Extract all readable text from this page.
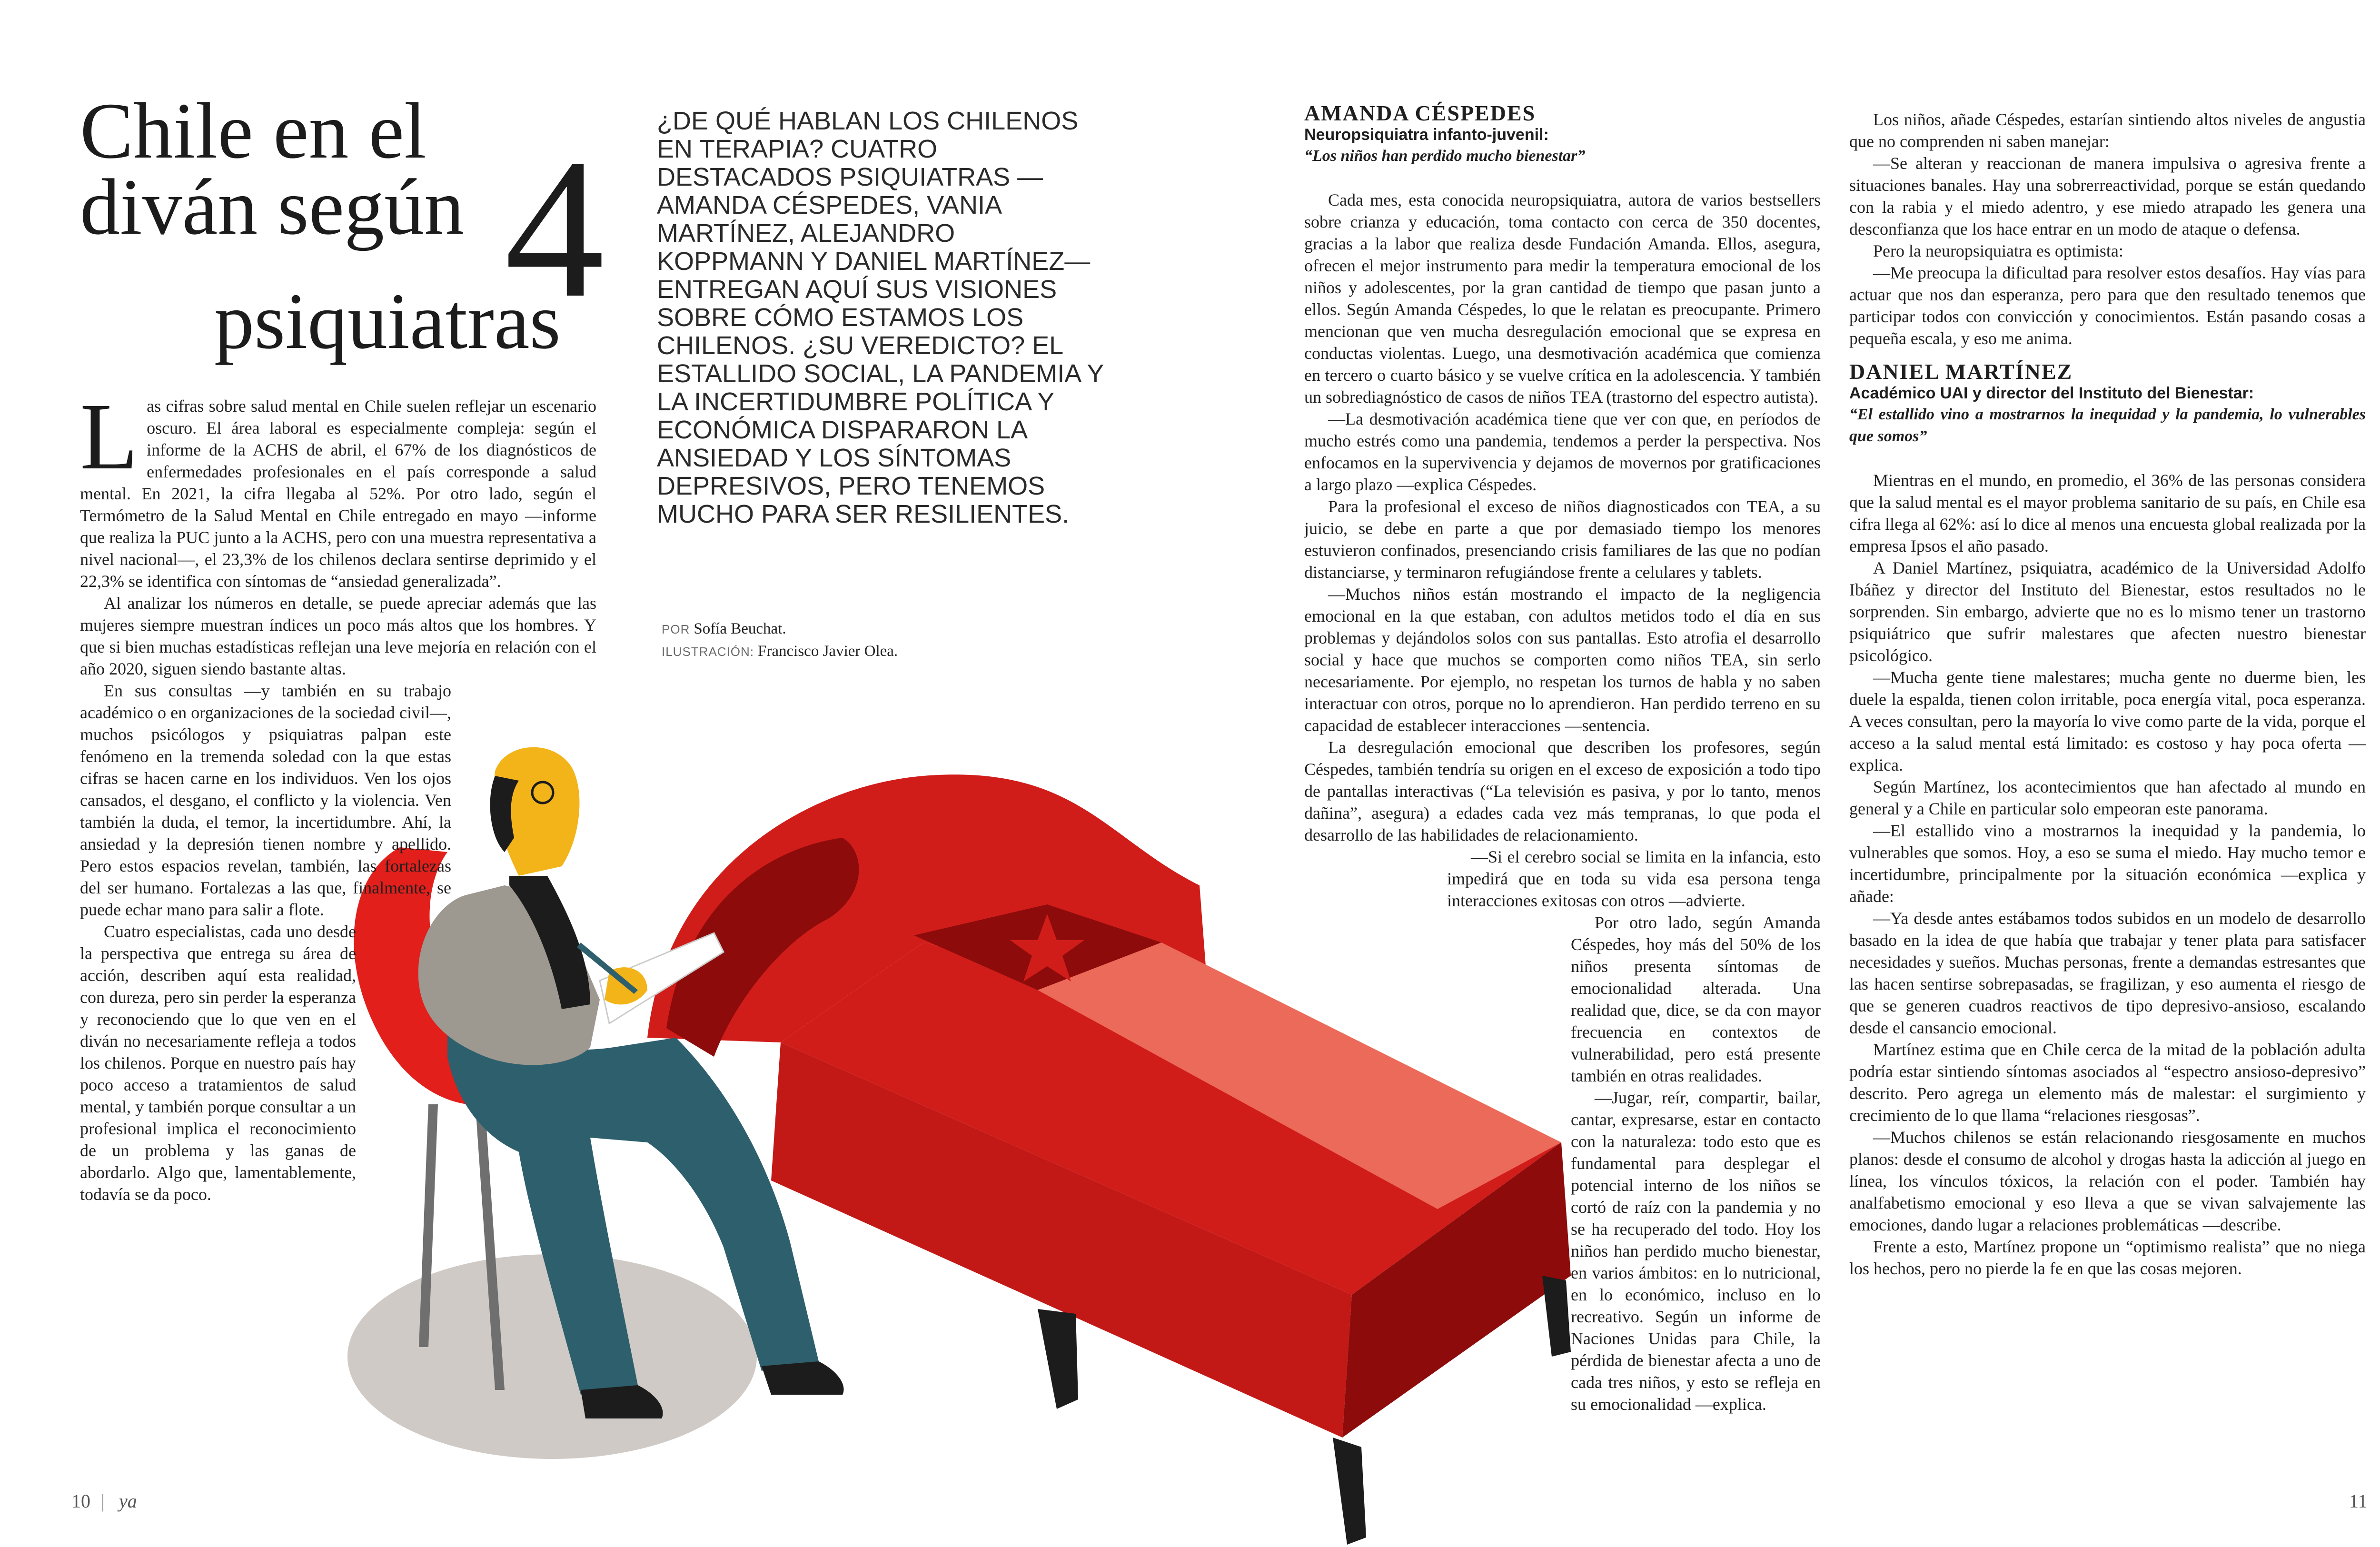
Chile en el
diván según
psiquiatras
4 ¿DE QUÉ HABLAN LOS CHILENOS EN TERAPIA? CUATRO DESTACADOS PSIQUIATRAS —AMANDA CÉSPEDES, VANIA MARTÍNEZ, ALEJANDRO KOPPMANN Y DANIEL MARTÍNEZ— ENTREGAN AQUÍ SUS VISIONES SOBRE CÓMO ESTAMOS LOS CHILENOS. ¿SU VEREDICTO? EL ESTALLIDO SOCIAL, LA PANDEMIA Y LA INCERTIDUMBRE POLÍTICA Y ECONÓMICA DISPARARON LA ANSIEDAD Y LOS SÍNTOMAS DEPRESIVOS, PERO TENEMOS MUCHO PARA SER RESILIENTES.
POR Sofía Beuchat.
ILUSTRACIÓN: Francisco Javier Olea.
L as cifras sobre salud mental en Chile suelen reflejar un escenario oscuro. El área laboral es especialmente compleja: según el informe de la ACHS de abril, el 67% de los diagnósticos de enfermedades profesionales en el país corresponde a salud mental. En 2021, la cifra llegaba al 52%. Por otro lado, según el Termómetro de la Salud Mental en Chile entregado en mayo —informe que realiza la PUC junto a la ACHS, pero con una muestra representativa a nivel nacional—, el 23,3% de los chilenos declara sentirse deprimido y el 22,3% se identifica con síntomas de “ansiedad generalizada”.

Al analizar los números en detalle, se puede apreciar además que las mujeres siempre muestran índices un poco más altos que los hombres. Y que si bien muchas estadísticas reflejan una leve mejoría en relación con el año 2020, siguen siendo bastante altas.

En sus consultas —y también en su trabajo académico o en organizaciones de la sociedad civil—, muchos psicólogos y psiquiatras palpan este fenómeno en la tremenda soledad con la que estas cifras se hacen carne en los individuos. Ven los ojos cansados, el desgano, el conflicto y la violencia. Ven también la duda, el temor, la incertidumbre. Ahí, la ansiedad y la depresión tienen nombre y apellido. Pero estos espacios revelan, también, las fortalezas del ser humano. Fortalezas a las que, finalmente, se puede echar mano para salir a flote.

Cuatro especialistas, cada uno desde la perspectiva que entrega su área de acción, describen aquí esta realidad, con dureza, pero sin perder la esperanza y reconociendo que lo que ven en el diván no necesariamente refleja a todos los chilenos. Porque en nuestro país hay poco acceso a tratamientos de salud mental, y también porque consultar a un profesional implica el reconocimiento de un problema y las ganas de abordarlo. Algo que, lamentablemente, todavía se da poco.

AMANDA CÉSPEDES

Neuropsiquiatra infanto-juvenil:

“Los niños han perdido mucho bienestar”

Cada mes, esta conocida neuropsiquiatra, autora de varios bestsellers sobre crianza y educación, toma contacto con cerca de 350 docentes, gracias a la labor que realiza desde Fundación Amanda. Ellos, asegura, ofrecen el mejor instrumento para medir la temperatura emocional de los niños y adolescentes, por la gran cantidad de tiempo que pasan junto a ellos. Según Amanda Céspedes, lo que le relatan es preocupante. Primero mencionan que ven mucha desregulación emocional que se expresa en conductas violentas. Luego, una desmotivación académica que comienza en tercero o cuarto básico y se vuelve crítica en la adolescencia. Y también un sobrediagnóstico de casos de niños TEA (trastorno del espectro autista).

—La desmotivación académica tiene que ver con que, en períodos de mucho estrés como una pandemia, tendemos a perder la perspectiva. Nos enfocamos en la supervivencia y dejamos de movernos por gratificaciones a largo plazo —explica Céspedes.

Para la profesional el exceso de niños diagnosticados con TEA, a su juicio, se debe en parte a que por demasiado tiempo los menores estuvieron confinados, presenciando crisis familiares de las que no podían distanciarse, y terminaron refugiándose frente a celulares y tablets.

—Muchos niños están mostrando el impacto de la negligencia emocional en la que estaban, con adultos metidos todo el día en sus problemas y dejándolos solos con sus pantallas. Esto atrofia el desarrollo social y hace que muchos se comporten como niños TEA, sin serlo necesariamente. Por ejemplo, no respetan los turnos de habla y no saben interactuar con otros, porque no lo aprendieron. Han perdido terreno en su capacidad de establecer interacciones —sentencia.

La desregulación emocional que describen los profesores, según Céspedes, también tendría su origen en el exceso de exposición a todo tipo de pantallas interactivas (“La televisión es pasiva, y por lo tanto, menos dañina”, asegura) a edades cada vez más tempranas, lo que poda el desarrollo de las habilidades de relacionamiento.

—Si el cerebro social se limita en la infancia, esto impedirá que en toda su vida esa persona tenga interacciones exitosas con otros —advierte.

Por otro lado, según Amanda Céspedes, hoy más del 50% de los niños presenta síntomas de emocionalidad alterada. Una realidad que, dice, se da con mayor frecuencia en contextos de vulnerabilidad, pero está presente también en otras realidades.

—Jugar, reír, compartir, bailar, cantar, expresarse, estar en contacto con la naturaleza: todo esto que es fundamental para desplegar el potencial interno de los niños se cortó de raíz con la pandemia y no se ha recuperado del todo. Hoy los niños han perdido mucho bienestar, en varios ámbitos: en lo nutricional, en lo económico, incluso en lo recreativo. Según un informe de Naciones Unidas para Chile, la pérdida de bienestar afecta a uno de cada tres niños, y esto se refleja en su emocionalidad —explica.

Los niños, añade Céspedes, estarían sintiendo altos niveles de angustia que no comprenden ni saben manejar:

—Se alteran y reaccionan de manera impulsiva o agresiva frente a situaciones banales. Hay una sobrerreactividad, porque se están quedando con la rabia y el miedo adentro, y ese miedo atrapado les genera una desconfianza que los hace entrar en un modo de ataque o defensa.

Pero la neuropsiquiatra es optimista:

—Me preocupa la dificultad para resolver estos desafíos. Hay vías para actuar que nos dan esperanza, pero para que den resultado tenemos que participar todos con convicción y conocimientos. Están pasando cosas a pequeña escala, y eso me anima.

DANIEL MARTÍNEZ

Académico UAI y director del Instituto del Bienestar:

“El estallido vino a mostrarnos la inequidad y la pandemia, lo vulnerables que somos”

Mientras en el mundo, en promedio, el 36% de las personas considera que la salud mental es el mayor problema sanitario de su país, en Chile esa cifra llega al 62%: así lo dice al menos una encuesta global realizada por la empresa Ipsos el año pasado.

A Daniel Martínez, psiquiatra, académico de la Universidad Adolfo Ibáñez y director del Instituto del Bienestar, estos resultados no le sorprenden. Sin embargo, advierte que no es lo mismo tener un trastorno psiquiátrico que sufrir malestares que afecten nuestro bienestar psicológico.

—Mucha gente tiene malestares; mucha gente no duerme bien, les duele la espalda, tienen colon irritable, poca energía vital, poca esperanza. A veces consultan, pero la mayoría lo vive como parte de la vida, porque el acceso a la salud mental está limitado: es costoso y hay poca oferta —explica.

Según Martínez, los acontecimientos que han afectado al mundo en general y a Chile en particular solo empeoran este panorama.

—El estallido vino a mostrarnos la inequidad y la pandemia, lo vulnerables que somos. Hoy, a eso se suma el miedo. Hay mucho temor e incertidumbre, principalmente por la situación económica —explica y añade:

—Ya desde antes estábamos todos subidos en un modelo de desarrollo basado en la idea de que había que trabajar y tener plata para satisfacer necesidades y sueños. Muchas personas, frente a demandas estresantes que las hacen sentirse sobrepasadas, se fragilizan, y eso aumenta el riesgo de que se generen cuadros reactivos de tipo depresivo-ansioso, escalando desde el cansancio emocional.

Martínez estima que en Chile cerca de la mitad de la población adulta podría estar sintiendo síntomas asociados al “espectro ansioso-depresivo” descrito. Pero agrega un elemento más de malestar: el surgimiento y crecimiento de lo que llama “relaciones riesgosas”.

—Muchos chilenos se están relacionando riesgosamente en muchos planos: desde el consumo de alcohol y drogas hasta la adicción al juego en línea, los vínculos tóxicos, la relación con el poder. También hay analfabetismo emocional y eso lleva a que se vivan salvajemente las emociones, dando lugar a relaciones problemáticas —describe.

Frente a esto, Martínez propone un “optimismo realista” que no niega los hechos, pero no pierde la fe en que las cosas mejoren.

10 | ya	11
